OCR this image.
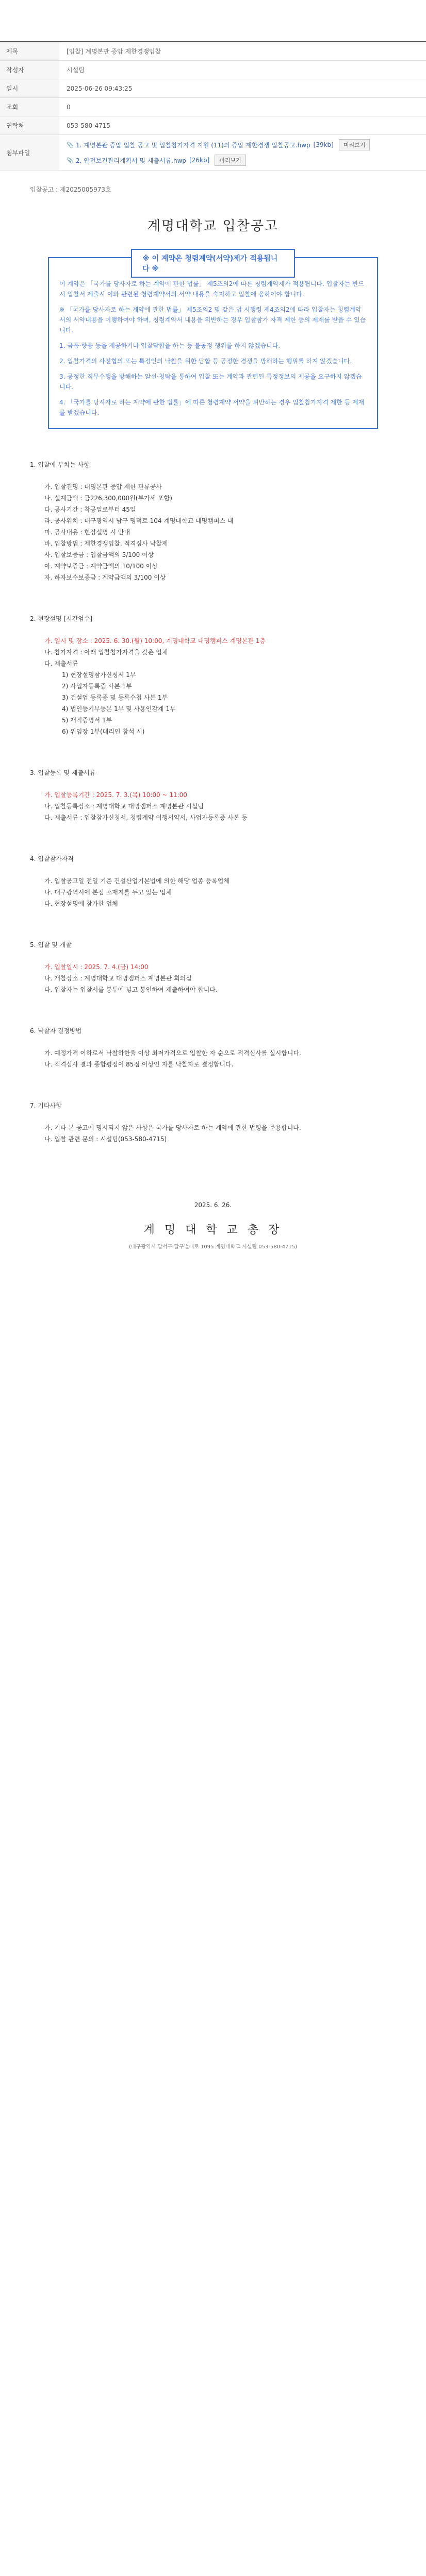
제목	[입찰] 계명본관 증압 제한경쟁입찰
작성자	시설팀
일시	2025-06-26 09:43:25
조회	0
연락처	053-580-4715
첨부파일
📎 1. 계명본관 증압 입찰 공고 및 입찰참가자격 지원 (11)의 증압 제한경쟁 입찰공고.hwp [39kb]	미리보기
📎 2. 안전보건관리계획서 및 제출서류.hwp [26kb]	미리보기
입찰공고 : 제2025005973호
계명대학교 입찰공고
※ 이 계약은 청렴계약(서약)제가 적용됩니다 ※

이 계약은 「국가를 당사자로 하는 계약에 관한 법률」 제5조의2에 따른 청렴계약제가 적용됩니다. 입찰자는 반드시 입찰서 제출시 이와 관련된 청렴계약서의 서약 내용을 숙지하고 입찰에 응하여야 합니다.

※ 「국가를 당사자로 하는 계약에 관한 법률」 제5조의2 및 같은 법 시행령 제4조의2에 따라 입찰자는 청렴계약서의 서약내용을 이행하여야 하며, 청렴계약서 내용을 위반하는 경우 입찰참가 자격 제한 등의 제재를 받을 수 있습니다.

1. 금품·향응 등을 제공하거나 입찰담합을 하는 등 불공정 행위를 하지 않겠습니다.

2. 입찰가격의 사전협의 또는 특정인의 낙찰을 위한 담합 등 공정한 경쟁을 방해하는 행위를 하지 않겠습니다.

3. 공정한 직무수행을 방해하는 알선·청탁을 통하여 입찰 또는 계약과 관련된 특정정보의 제공을 요구하지 않겠습니다.

4. 「국가를 당사자로 하는 계약에 관한 법률」에 따른 청렴계약 서약을 위반하는 경우 입찰참가자격 제한 등 제재를 받겠습니다.

1. 입찰에 부치는 사항

가. 입찰건명 : 대명본관 증압 제한 관류공사

나. 설계금액 : 금226,300,000원(부가세 포함)

다. 공사기간 : 착공일로부터 45일

라. 공사위치 : 대구광역시 남구 명덕로 104 계명대학교 대명캠퍼스 내

마. 공사내용 : 현장설명 시 안내

바. 입찰방법 : 제한경쟁입찰, 적격심사 낙찰제

사. 입찰보증금 : 입찰금액의 5/100 이상

아. 계약보증금 : 계약금액의 10/100 이상

자. 하자보수보증금 : 계약금액의 3/100 이상

2. 현장설명 [시간엄수]

가. 일시 및 장소 : 2025. 6. 30.(월) 10:00, 계명대학교 대명캠퍼스 계명본관 1층

나. 참가자격 : 아래 입찰참가자격을 갖춘 업체

다. 제출서류

1) 현장설명참가신청서 1부

2) 사업자등록증 사본 1부

3) 건설업 등록증 및 등록수첩 사본 1부

4) 법인등기부등본 1부 및 사용인감계 1부

5) 재직증명서 1부

6) 위임장 1부(대리인 참석 시)

3. 입찰등록 및 제출서류

가. 입찰등록기간 : 2025. 7. 3.(목) 10:00 ~ 11:00

나. 입찰등록장소 : 계명대학교 대명캠퍼스 계명본관 시설팀

다. 제출서류 : 입찰참가신청서, 청렴계약 이행서약서, 사업자등록증 사본 등

4. 입찰참가자격

가. 입찰공고일 전일 기준 건설산업기본법에 의한 해당 업종 등록업체

나. 대구광역시에 본점 소재지를 두고 있는 업체

다. 현장설명에 참가한 업체

5. 입찰 및 개찰

가. 입찰일시 : 2025. 7. 4.(금) 14:00

나. 개찰장소 : 계명대학교 대명캠퍼스 계명본관 회의실

다. 입찰자는 입찰서를 봉투에 넣고 봉인하여 제출하여야 합니다.

6. 낙찰자 결정방법

가. 예정가격 이하로서 낙찰하한율 이상 최저가격으로 입찰한 자 순으로 적격심사를 실시합니다.

나. 적격심사 결과 종합평점이 85점 이상인 자를 낙찰자로 결정합니다.

7. 기타사항

가. 기타 본 공고에 명시되지 않은 사항은 국가를 당사자로 하는 계약에 관한 법령을 준용합니다.

나. 입찰 관련 문의 : 시설팀(053-580-4715)

2025. 6. 26.
계 명 대 학 교 총 장
(대구광역시 달서구 달구벌대로 1095 계명대학교 시설팀 053-580-4715)
